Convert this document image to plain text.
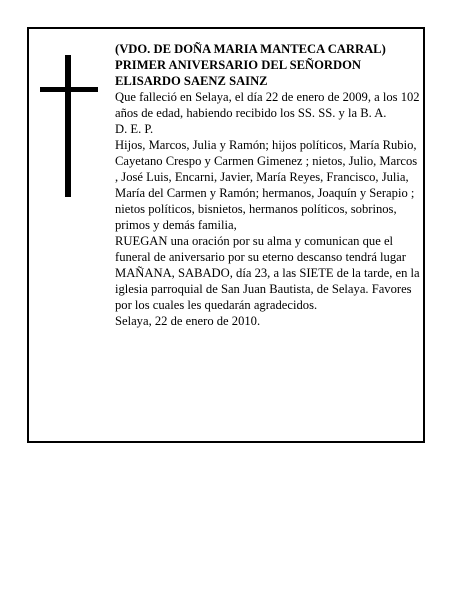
(VDO. DE DOÑA MARIA MANTECA CARRAL)

PRIMER ANIVERSARIO DEL SEÑORDON

ELISARDO SAENZ SAINZ

Que falleció en Selaya, el día 22 de enero de 2009, a los 102 años de edad, habiendo recibido los SS. SS. y la B. A.

D. E. P.

Hijos, Marcos, Julia y Ramón; hijos políticos, María Rubio, Cayetano Crespo y Carmen Gimenez ; nietos, Julio, Marcos , José Luis, Encarni, Javier, María Reyes, Francisco, Julia, María del Carmen y Ramón; hermanos, Joaquín y Serapio ; nietos políticos, bisnietos, hermanos políticos, sobrinos, primos y demás familia,

RUEGAN una oración por su alma y comunican que el funeral de aniversario por su eterno descanso tendrá lugar MAÑANA, SABADO, día 23, a las SIETE de la tarde, en la iglesia parroquial de San Juan Bautista, de Selaya. Favores por los cuales les quedarán agradecidos.

Selaya, 22 de enero de 2010.
